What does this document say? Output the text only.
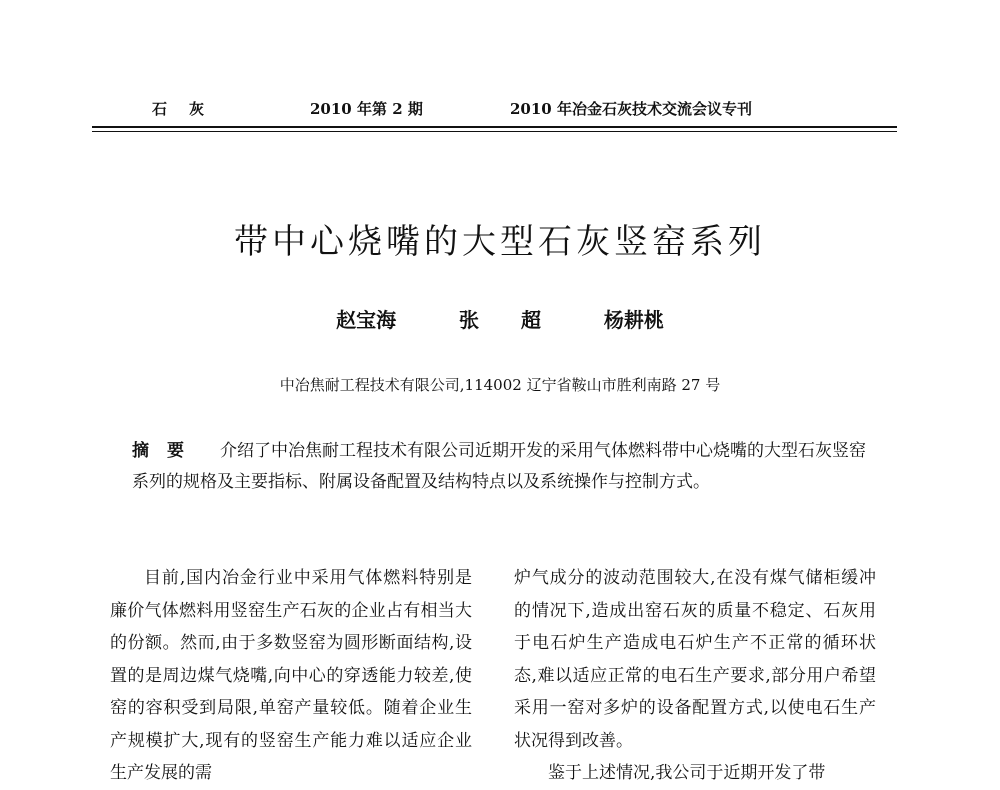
石灰	2010 年第 2 期	2010 年冶金石灰技术交流会议专刊
带中心烧嘴的大型石灰竖窑系列
赵宝海   张  超   杨耕桃
中冶焦耐工程技术有限公司,114002 辽宁省鞍山市胜利南路 27 号
摘要 介绍了中冶焦耐工程技术有限公司近期开发的采用气体燃料带中心烧嘴的大型石灰竖窑系列的规格及主要指标、附属设备配置及结构特点以及系统操作与控制方式。

目前,国内冶金行业中采用气体燃料特别是廉价气体燃料用竖窑生产石灰的企业占有相当大的份额。然而,由于多数竖窑为圆形断面结构,设置的是周边煤气烧嘴,向中心的穿透能力较差,使窑的容积受到局限,单窑产量较低。随着企业生产规模扩大,现有的竖窑生产能力难以适应企业生产发展的需

炉气成分的波动范围较大,在没有煤气储柜缓冲的情况下,造成出窑石灰的质量不稳定、石灰用于电石炉生产造成电石炉生产不正常的循环状态,难以适应正常的电石生产要求,部分用户希望采用一窑对多炉的设备配置方式,以使电石生产状况得到改善。

鉴于上述情况,我公司于近期开发了带
